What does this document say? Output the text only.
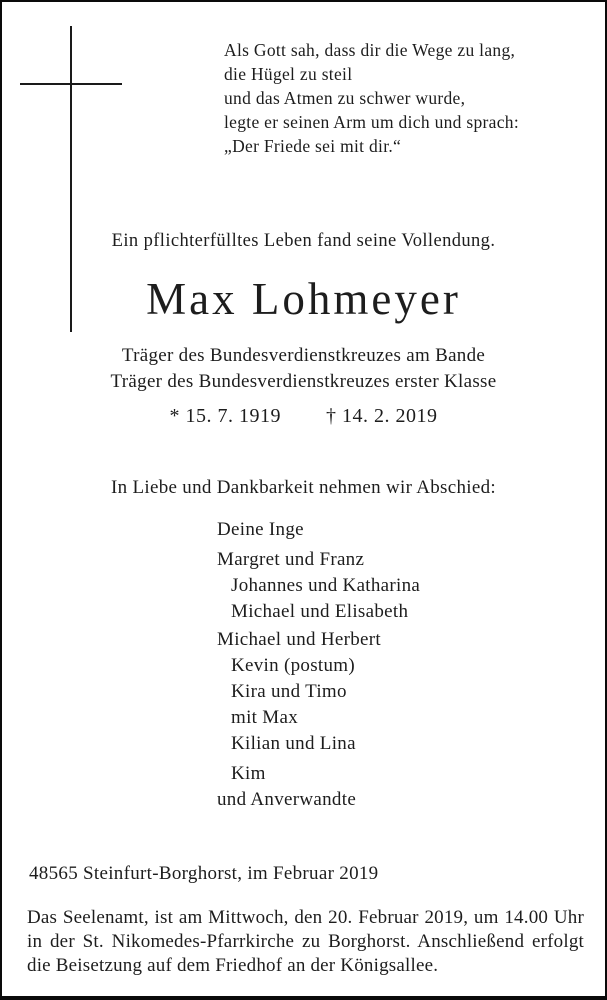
Als Gott sah, dass dir die Wege zu lang,
die Hügel zu steil
und das Atmen zu schwer wurde,
legte er seinen Arm um dich und sprach:
„Der Friede sei mit dir.“
Ein pflichterfülltes Leben fand seine Vollendung.
Max Lohmeyer
Träger des Bundesverdienstkreuzes am Bande
Träger des Bundesverdienstkreuzes erster Klasse
* 15. 7. 1919 † 14. 2. 2019
In Liebe und Dankbarkeit nehmen wir Abschied:
Deine Inge
Margret und Franz
Johannes und Katharina
Michael und Elisabeth
Michael und Herbert
Kevin (postum)
Kira und Timo
mit Max
Kilian und Lina
Kim
und Anverwandte
48565 Steinfurt-Borghorst, im Februar 2019

Das Seelenamt, ist am Mittwoch, den 20. Februar 2019, um 14.00 Uhr in der St. Nikomedes-Pfarrkirche zu Borghorst. Anschließend erfolgt die Beisetzung auf dem Friedhof an der Königsallee.
